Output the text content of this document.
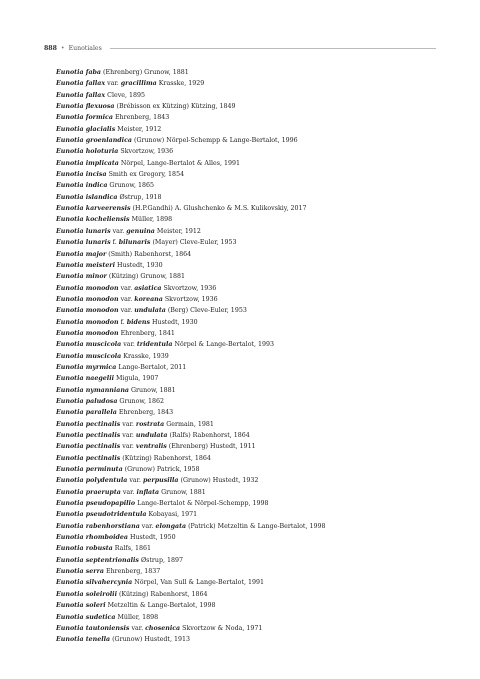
888 • Eunotiales
Eunotia faba (Ehrenberg) Grunow, 1881
Eunotia fallax var. gracillima Krasske, 1929
Eunotia fallax Cleve, 1895
Eunotia flexuosa (Brébisson ex Kützing) Kützing, 1849
Eunotia formica Ehrenberg, 1843
Eunotia glacialis Meister, 1912
Eunotia groenlandica (Grunow) Nörpel-Schempp & Lange-Bertalot, 1996
Eunotia holoturia Skvortzow, 1936
Eunotia implicata Nörpel, Lange-Bertalot & Alles, 1991
Eunotia incisa Smith ex Gregory, 1854
Eunotia indica Grunow, 1865
Eunotia islandica Østrup, 1918
Eunotia karveerensis (H.P.Gandhi) A. Glushchenko & M.S. Kulikovskiy, 2017
Eunotia kocheliensis Müller, 1898
Eunotia lunaris var. genuina Meister, 1912
Eunotia lunaris f. bilunaris (Mayer) Cleve-Euler, 1953
Eunotia major (Smith) Rabenhorst, 1864
Eunotia meisteri Hustedt, 1930
Eunotia minor (Kützing) Grunow, 1881
Eunotia monodon var. asiatica Skvortzow, 1936
Eunotia monodon var. koreana Skvortzow, 1936
Eunotia monodon var. undulata (Berg) Cleve-Euler, 1953
Eunotia monodon f. bidens Hustedt, 1930
Eunotia monodon Ehrenberg, 1841
Eunotia muscicola var. tridentula Nörpel & Lange-Bertalot, 1993
Eunotia muscicola Krasske, 1939
Eunotia myrmica Lange-Bertalot, 2011
Eunotia naegelii Migula, 1907
Eunotia nymanniana Grunow, 1881
Eunotia paludosa Grunow, 1862
Eunotia parallela Ehrenberg, 1843
Eunotia pectinalis var. rostrata Germain, 1981
Eunotia pectinalis var. undulata (Ralfs) Rabenhorst, 1864
Eunotia pectinalis var. ventralis (Ehrenberg) Hustedt, 1911
Eunotia pectinalis (Kützing) Rabenhorst, 1864
Eunotia perminuta (Grunow) Patrick, 1958
Eunotia polydentula var. perpusilla (Grunow) Hustedt, 1932
Eunotia praerupta var. inflata Grunow, 1881
Eunotia pseudopapilio Lange-Bertalot & Nörpel-Schempp, 1998
Eunotia pseudotridentula Kobayasi, 1971
Eunotia rabenhorstiana var. elongata (Patrick) Metzeltin & Lange-Bertalot, 1998
Eunotia rhomboidea Hustedt, 1950
Eunotia robusta Ralfs, 1861
Eunotia septentrionalis Østrup, 1897
Eunotia serra Ehrenberg, 1837
Eunotia silvahercynia Nörpel, Van Sull & Lange-Bertalot, 1991
Eunotia soleirolii (Kützing) Rabenhorst, 1864
Eunotia soleri Metzeltin & Lange-Bertalot, 1998
Eunotia sudetica Müller, 1898
Eunotia tautoniensis var. chosenica Skvortzow & Noda, 1971
Eunotia tenella (Grunow) Hustedt, 1913
